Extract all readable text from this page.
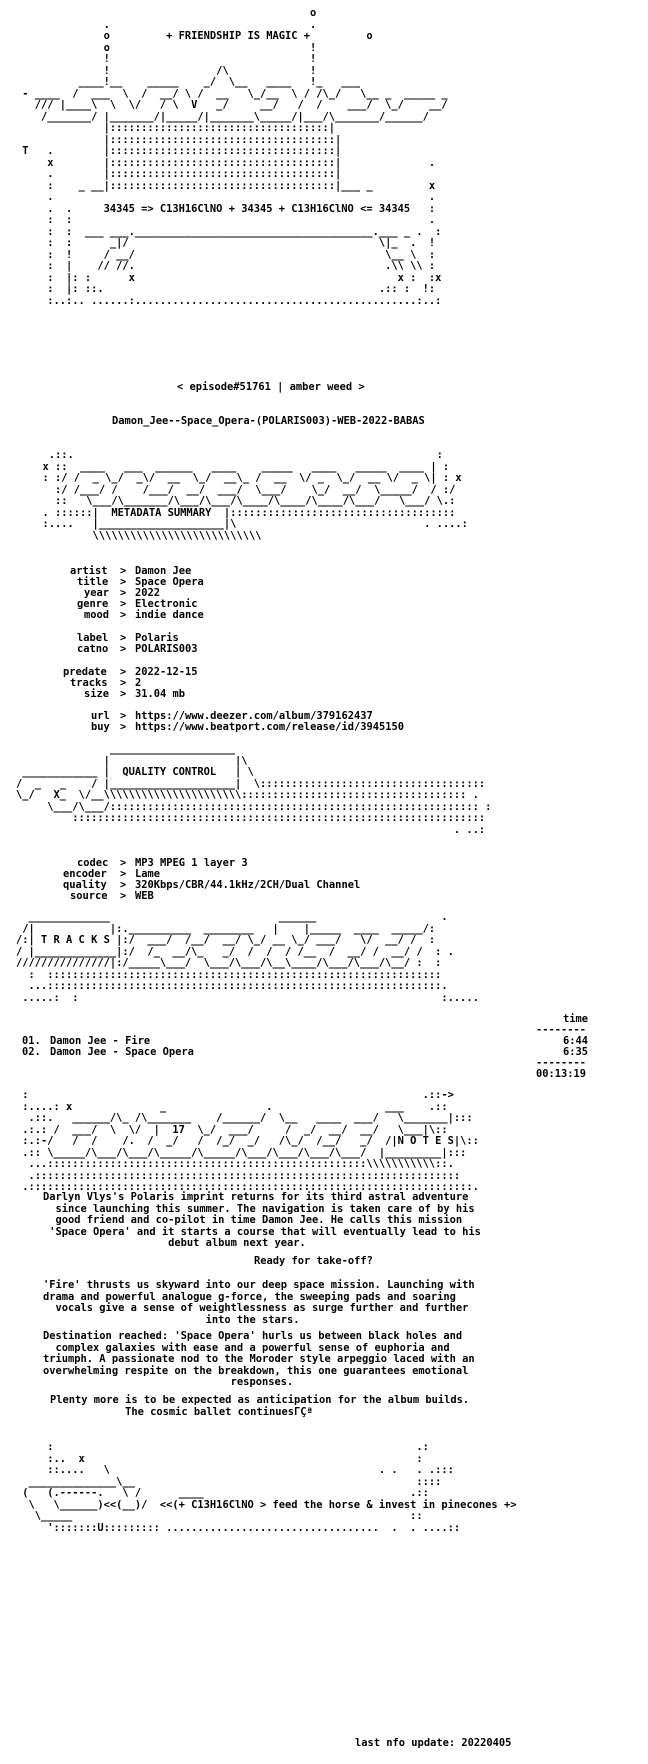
o
.                                .
o         + FRIENDSHIP IS MAGIC +         o
o                                !
!                                !
!                 /\             !
____!__    _____    _/  \__   ____   !_   ___
- ____  /  ___  \  /  __/ \ /  __   \_/__  \ / /\_/   \__ _  _____ _
/// |____\  \  \/   / \  V   _/     __/   /  /    ___/  \_/    __/
/_______/ |_______/|_____/|_______\_____/|___/\_______/______/
|:::::::::::::::::::::::::::::::::::|
|::::::::::::::::::::::::::::::::::::|
T   .        |::::::::::::::::::::::::::::::::::::|
x        |::::::::::::::::::::::::::::::::::::|              .
.        |::::::::::::::::::::::::::::::::::::|
:    _ __|::::::::::::::::::::::::::::::::::::|___ _         x
.                                                            .
.  .     34345 => C13H16ClNO + 34345 + C13H16ClNO <= 34345   :
:  :                                                         .
:  :  ___ ___.______________________________________.___ _ .  :
:  :      _|/                                        \|_  .  !
:  !     / __/                                        \__ \  :
:  |    // //.                                        .\\ \\ :
:  |: :      x                                          x :  :x
:  |: ::.                                            .:: :  !:
:..:.. ......:.............................................:..:
< episode#51761 | amber weed >
Damon_Jee--Space_Opera-(POLARIS003)-WEB-2022-BABAS
.::.                                                          :
x ::  ____   ___  ______   ____    _____   ____   _____  ____ | :
: :/ /  _ \_/  _\/  __  \_/  __\_ /  __  \/ _  \_/  __ \/  _ \| : x
:/ /___/ /    /___/  __/  ___/  \___/    \_/  __/  \_____/  / :/
::   \___/\_______/\___/\___/\____/\____/\____/\___/   \___/ \.:
. ::::::|  METADATA SUMMARY  |::::::::::::::::::::::::::::::::::::
:....   |____________________|\                              . ....:
\\\\\\\\\\\\\\\\\\\\\\\\\\\
artist > Damon Jee
title > Space Opera
year > 2022
genre > Electronic
mood > indie dance
label > Polaris
catno > POLARIS003
predate > 2022-12-15
tracks > 2
size > 31.04 mb
url > https://www.deezer.com/album/379162437
buy > https://www.beatport.com/release/id/3945150
____________________
|                    |\
____________ |  QUALITY CONTROL   | \
/  _   _    / |____________________|  \::::::::::::::::::::::::::::::::::::
\_/   X_  \/__\\\\\\\\\\\\\\\\\\\\\\:::::::::::::::::::::::::::::::::::: .
\___/\___/::::::::::::::::::::::::::::::::::::::::::::::::::::::::::: :
::::::::::::::::::::::::::::::::::::::::::::::::::::::::::::::::::
. ..:
codec > MP3 MPEG 1 layer 3
encoder > Lame
quality > 320Kbps/CBR/44.1kHz/2CH/Dual Channel
source > WEB
_____________                           ______                    .
/|            |:.__________  ________   |    |_____  ____  _____/:
/:| T R A C K S |:/  ___/  /__/  __/ \_/ __ \_/ ___/   \/  __/ /  :
/ |_____________|:/  /_  __/\_   _/  /  /  / /__  /  __/ /  __/ /  : .
///////////////|:/_____\___/  \___/\___/\__\____/\___/\___/\__/ :  :
:  :::::::::::::::::::::::::::::::::::::::::::::::::::::::::::::::
...:::::::::::::::::::::::::::::::::::::::::::::::::::::::::::::::.
.....:  :                                                          :.....
time
--------
01. Damon Jee - Fire	6:44
02. Damon Jee - Space Opera	6:35
--------
00:13:19
:                                                               .::->
:....: x              _                .                  ___    .::
.::.   ______/\_ /\_______    /______/  \__   ____  ___/   \_______|:::
.:.: /  ___/  \  \/  |  17  \_/  ___/     /  _/  __/  __/   \___|\::
:.:-/   /  /    /.  /  _/   /  /_/  _/   /\_/  /__/   _/  /|N O T E S|\::
.:: \_____/\___/\___/\_____/\_____/\___/\___/\___/\___/  |_________|:::
...:::::::::::::::::::::::::::::::::::::::::::::::::::\\\\\\\\\\\::.
.::::::::::::::::::::::::::::::::::::::::::::::::::::::::::::::::::::
.:::::::::::::::::::::::::::::::::::::::::::::::::::::::::::::::::::::::.
Darlyn Vlys's Polaris imprint returns for its third astral adventure
since launching this summer. The navigation is taken care of by his
good friend and co-pilot in time Damon Jee. He calls this mission
'Space Opera' and it starts a course that will eventually lead to his
debut album next year.
Ready for take-off?
'Fire' thrusts us skyward into our deep space mission. Launching with
drama and powerful analogue g-force, the sweeping pads and soaring
vocals give a sense of weightlessness as surge further and further
into the stars.
Destination reached: 'Space Opera' hurls us between black holes and
complex galaxies with ease and a powerful sense of euphoria and
triumph. A passionate nod to the Moroder style arpeggio laced with an
overwhelming respite on the breakdown, this one guarantees emotional
responses.
Plenty more is to be expected as anticipation for the album builds.
The cosmic ballet continuesΓÇª
:                                                          .:
:..  x                                                     :
::....   \                                           . .   . .:::
______________\__                                             ::::
(   (.------.   \ /      ____                                 .::
\   \______)<<(__)/  <<(+ C13H16ClNO > feed the horse & invest in pinecones +>
\_____                                                      ::
':::::::U::::::::: ..................................  .  . ....::
last nfo update: 20220405
